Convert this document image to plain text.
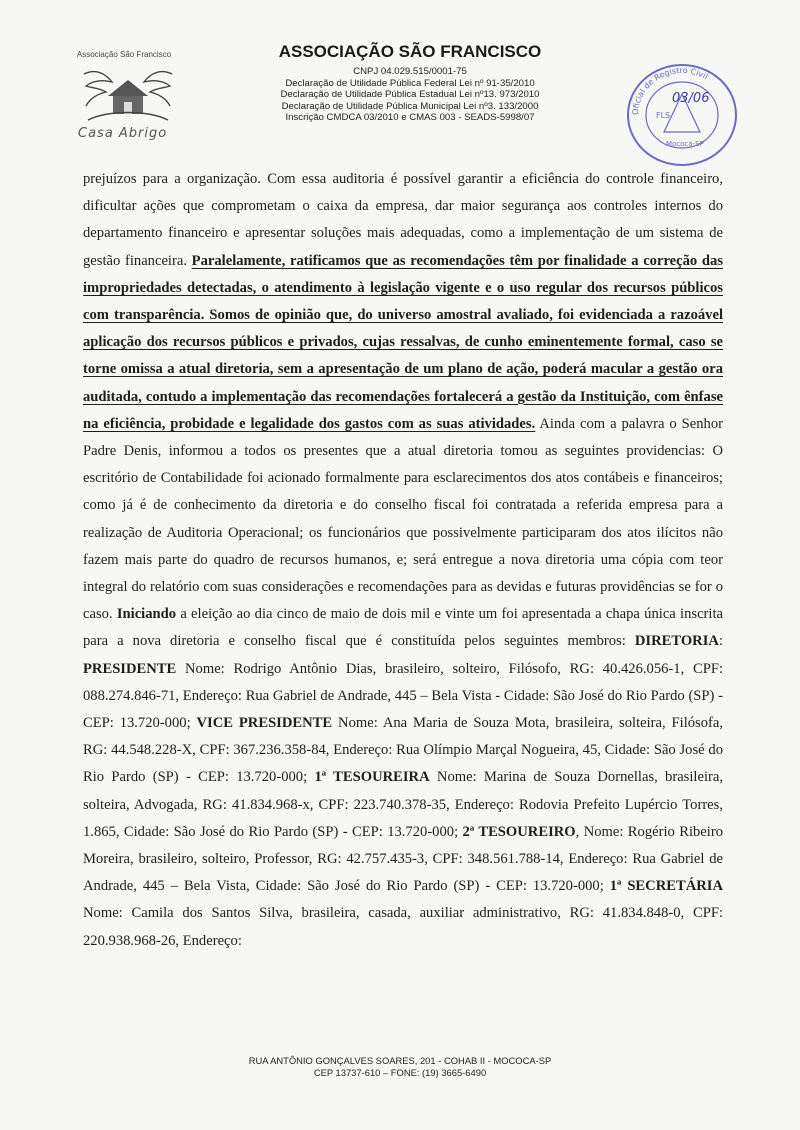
Associação São Francisco
Casa Abrigo
ASSOCIAÇÃO SÃO FRANCISCO
CNPJ 04.029.515/0001-75
Declaração de Utilidade Pública Federal Lei nº 91-35/2010
Declaração de Utilidade Pública Estadual Lei nº13. 973/2010
Declaração de Utilidade Pública Municipal Lei nº3. 133/2000
Inscrição CMDCA 03/2010 e CMAS 003 - SEADS-5998/07
Oficial de Registro Civil
03/06
FLS
Mococa-SP
prejuízos para a organização. Com essa auditoria é possível garantir a eficiência do controle financeiro, dificultar ações que comprometam o caixa da empresa, dar maior segurança aos controles internos do departamento financeiro e apresentar soluções mais adequadas, como a implementação de um sistema de gestão financeira. Paralelamente, ratificamos que as recomendações têm por finalidade a correção das impropriedades detectadas, o atendimento à legislação vigente e o uso regular dos recursos públicos com transparência. Somos de opinião que, do universo amostral avaliado, foi evidenciada a razoável aplicação dos recursos públicos e privados, cujas ressalvas, de cunho eminentemente formal, caso se torne omissa a atual diretoria, sem a apresentação de um plano de ação, poderá macular a gestão ora auditada, contudo a implementação das recomendações fortalecerá a gestão da Instituição, com ênfase na eficiência, probidade e legalidade dos gastos com as suas atividades. Ainda com a palavra o Senhor Padre Denis, informou a todos os presentes que a atual diretoria tomou as seguintes providencias: O escritório de Contabilidade foi acionado formalmente para esclarecimentos dos atos contábeis e financeiros; como já é de conhecimento da diretoria e do conselho fiscal foi contratada a referida empresa para a realização de Auditoria Operacional; os funcionários que possivelmente participaram dos atos ilícitos não fazem mais parte do quadro de recursos humanos, e; será entregue a nova diretoria uma cópia com teor integral do relatório com suas considerações e recomendações para as devidas e futuras providências se for o caso. Iniciando a eleição ao dia cinco de maio de dois mil e vinte um foi apresentada a chapa única inscrita para a nova diretoria e conselho fiscal que é constituída pelos seguintes membros: DIRETORIA: PRESIDENTE Nome: Rodrigo Antônio Dias, brasileiro, solteiro, Filósofo, RG: 40.426.056-1, CPF: 088.274.846-71, Endereço: Rua Gabriel de Andrade, 445 – Bela Vista - Cidade: São José do Rio Pardo (SP) - CEP: 13.720-000; VICE PRESIDENTE Nome: Ana Maria de Souza Mota, brasileira, solteira, Filósofa, RG: 44.548.228-X, CPF: 367.236.358-84, Endereço: Rua Olímpio Marçal Nogueira, 45, Cidade: São José do Rio Pardo (SP) - CEP: 13.720-000; 1ª TESOUREIRA Nome: Marina de Souza Dornellas, brasileira, solteira, Advogada, RG: 41.834.968-x, CPF: 223.740.378-35, Endereço: Rodovia Prefeito Lupércio Torres, 1.865, Cidade: São José do Rio Pardo (SP) - CEP: 13.720-000; 2ª TESOUREIRO, Nome: Rogério Ribeiro Moreira, brasileiro, solteiro, Professor, RG: 42.757.435-3, CPF: 348.561.788-14, Endereço: Rua Gabriel de Andrade, 445 – Bela Vista, Cidade: São José do Rio Pardo (SP) - CEP: 13.720-000; 1ª SECRETÁRIA Nome: Camila dos Santos Silva, brasileira, casada, auxiliar administrativo, RG: 41.834.848-0, CPF: 220.938.968-26, Endereço:
RUA ANTÔNIO GONÇALVES SOARES, 201 - COHAB II - MOCOCA-SP
CEP 13737-610 – FONE: (19) 3665-6490
